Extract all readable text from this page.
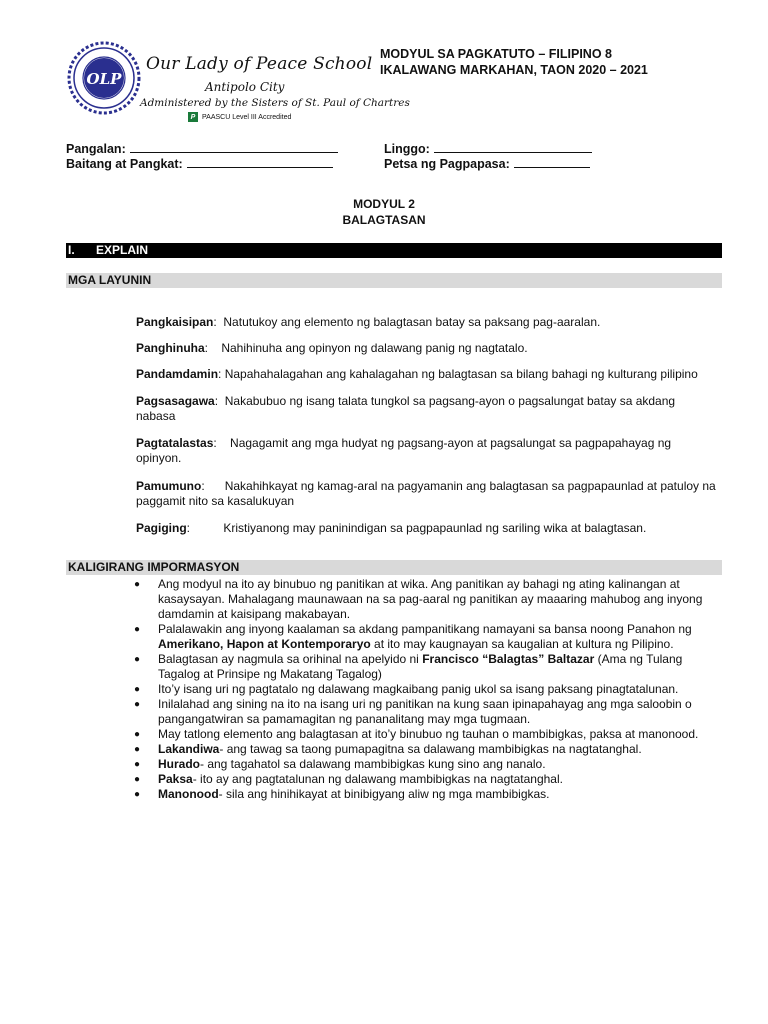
OLP
Our Lady of Peace School
Antipolo City
Administered by the Sisters of St. Paul of Chartres
P PAASCU Level III Accredited
MODYUL SA PAGKATUTO – FILIPINO 8
IKALAWANG MARKAHAN, TAON 2020 – 2021
Pangalan:
Baitang at Pangkat:
Linggo:
Petsa ng Pagpapasa:
MODYUL 2
BALAGTASAN
I. EXPLAIN
MGA LAYUNIN
Pangkaisipan:  Natutukoy ang elemento ng balagtasan batay sa paksang pag-aaralan.
Panghinuha:    Nahihinuha ang opinyon ng dalawang panig ng nagtatalo.
Pandamdamin: Napahahalagahan ang kahalagahan ng balagtasan sa bilang bahagi ng kulturang pilipino
Pagsasagawa:  Nakabubuo ng isang talata tungkol sa pagsang-ayon o pagsalungat batay sa akdang nabasa
Pagtatalastas:    Nagagamit ang mga hudyat ng pagsang-ayon at pagsalungat sa pagpapahayag ng opinyon.
Pamumuno:      Nakahihkayat ng kamag-aral na pagyamanin ang balagtasan sa pagpapaunlad at patuloy na paggamit nito sa kasalukuyan
Pagiging:          Kristiyanong may paninindigan sa pagpapaunlad ng sariling wika at balagtasan.
KALIGIRANG IMPORMASYON
● Ang modyul na ito ay binubuo ng panitikan at wika. Ang panitikan ay bahagi ng ating kalinangan at kasaysayan. Mahalagang maunawaan na sa pag-aaral ng panitikan ay maaaring mahubog ang inyong damdamin at kaisipang makabayan.
● Palalawakin ang inyong kaalaman sa akdang pampanitikang namayani sa bansa noong Panahon ng Amerikano, Hapon at Kontemporaryo at ito may kaugnayan sa kaugalian at kultura ng Pilipino.
● Balagtasan ay nagmula sa orihinal na apelyido ni Francisco “Balagtas” Baltazar (Ama ng Tulang Tagalog at Prinsipe ng Makatang Tagalog)
● Ito’y isang uri ng pagtatalo ng dalawang magkaibang panig ukol sa isang paksang pinagtatalunan.
● Inilalahad ang sining na ito na isang uri ng panitikan na kung saan ipinapahayag ang mga saloobin o pangangatwiran sa pamamagitan ng pananalitang may mga tugmaan.
● May tatlong elemento ang balagtasan at ito’y binubuo ng tauhan o mambibigkas, paksa at manonood.
● Lakandiwa- ang tawag sa taong pumapagitna sa dalawang mambibigkas na nagtatanghal.
● Hurado- ang tagahatol sa dalawang mambibigkas kung sino ang nanalo.
● Paksa- ito ay ang pagtatalunan ng dalawang mambibigkas na nagtatanghal.
● Manonood- sila ang hinihikayat at binibigyang aliw ng mga mambibigkas.
